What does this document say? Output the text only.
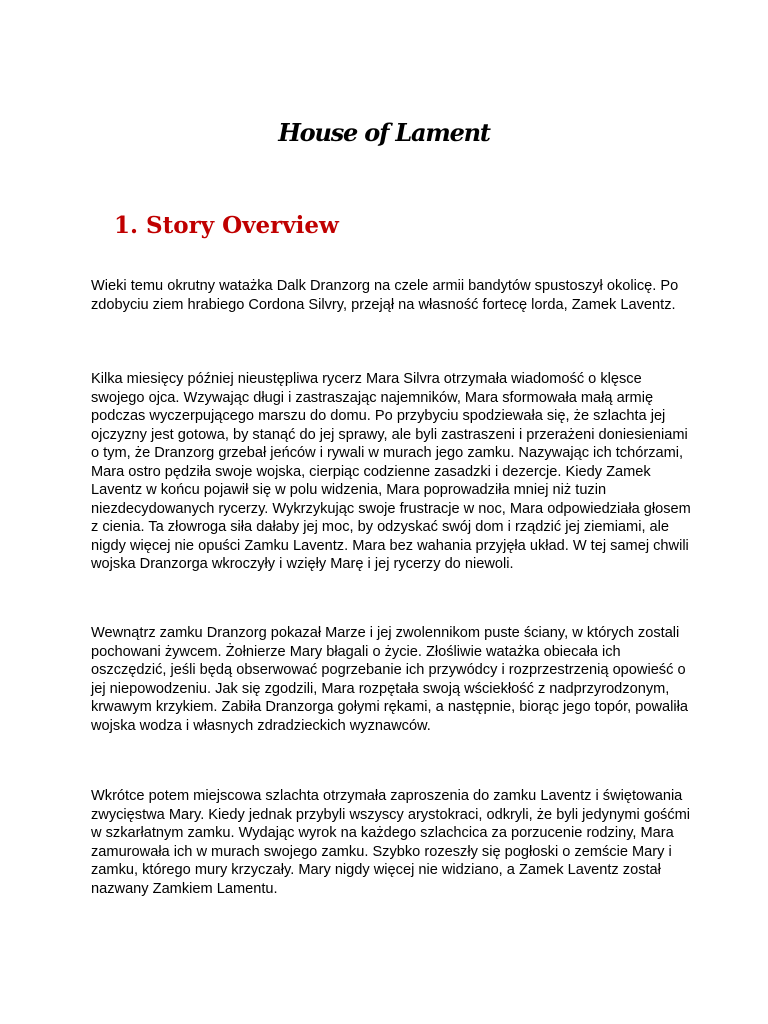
House of Lament
1. Story Overview

Wieki temu okrutny watażka Dalk Dranzorg na czele armii bandytów spustoszył okolicę. Po zdobyciu ziem hrabiego Cordona Silvry, przejął na własność fortecę lorda, Zamek Laventz.

Kilka miesięcy później nieustępliwa rycerz Mara Silvra otrzymała wiadomość o klęsce swojego ojca. Wzywając długi i zastraszając najemników, Mara sformowała małą armię podczas wyczerpującego marszu do domu. Po przybyciu spodziewała się, że szlachta jej ojczyzny jest gotowa, by stanąć do jej sprawy, ale byli zastraszeni i przerażeni doniesieniami o tym, że Dranzorg grzebał jeńców i rywali w murach jego zamku. Nazywając ich tchórzami, Mara ostro pędziła swoje wojska, cierpiąc codzienne zasadzki i dezercje. Kiedy Zamek Laventz w końcu pojawił się w polu widzenia, Mara poprowadziła mniej niż tuzin niezdecydowanych rycerzy. Wykrzykując swoje frustracje w noc, Mara odpowiedziała głosem z cienia. Ta złowroga siła dałaby jej moc, by odzyskać swój dom i rządzić jej ziemiami, ale nigdy więcej nie opuści Zamku Laventz. Mara bez wahania przyjęła układ. W tej samej chwili wojska Dranzorga wkroczyły i wzięły Marę i jej rycerzy do niewoli.

Wewnątrz zamku Dranzorg pokazał Marze i jej zwolennikom puste ściany, w których zostali pochowani żywcem. Żołnierze Mary błagali o życie. Złośliwie watażka obiecała ich oszczędzić, jeśli będą obserwować pogrzebanie ich przywódcy i rozprzestrzenią opowieść o jej niepowodzeniu. Jak się zgodzili, Mara rozpętała swoją wściekłość z nadprzyrodzonym, krwawym krzykiem. Zabiła Dranzorga gołymi rękami, a następnie, biorąc jego topór, powaliła wojska wodza i własnych zdradzieckich wyznawców.

Wkrótce potem miejscowa szlachta otrzymała zaproszenia do zamku Laventz i świętowania zwycięstwa Mary. Kiedy jednak przybyli wszyscy arystokraci, odkryli, że byli jedynymi gośćmi w szkarłatnym zamku. Wydając wyrok na każdego szlachcica za porzucenie rodziny, Mara zamurowała ich w murach swojego zamku. Szybko rozeszły się pogłoski o zemście Mary i zamku, którego mury krzyczały. Mary nigdy więcej nie widziano, a Zamek Laventz został nazwany Zamkiem Lamentu.
